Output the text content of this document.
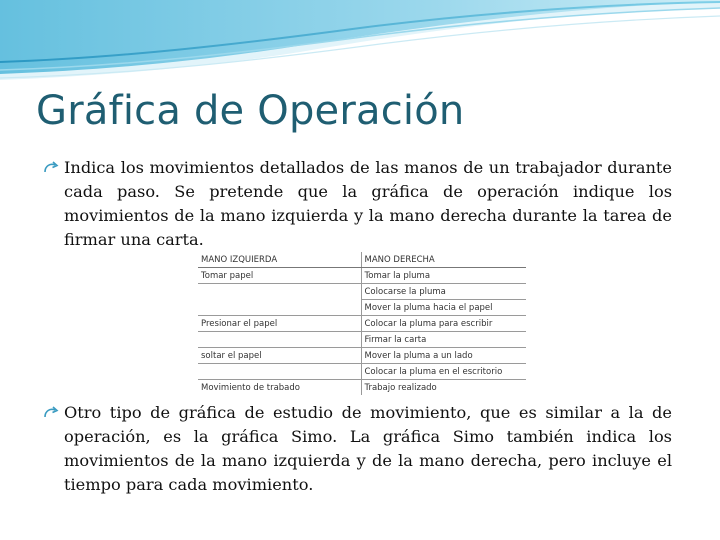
Gráfica de Operación
Indica los movimientos detallados de las manos de un trabajador durante cada paso. Se pretende que la gráfica de operación indique los movimientos de la mano izquierda y la mano derecha durante la tarea de firmar una carta.
MANO IZQUIERDA	MANO DERECHA
Tomar papel	Tomar la pluma
	Colocarse la pluma
	Mover la pluma hacia el papel
Presionar el papel	Colocar la pluma para escribir
	Firmar la carta
soltar el papel	Mover la pluma a un lado
	Colocar la pluma en el escritorio
Movimiento de trabado	Trabajo realizado
Otro tipo de gráfica de estudio de movimiento, que es similar a la de operación, es la gráfica Simo. La gráfica Simo también indica los movimientos de la mano izquierda y de la mano derecha, pero incluye el tiempo para cada movimiento.
